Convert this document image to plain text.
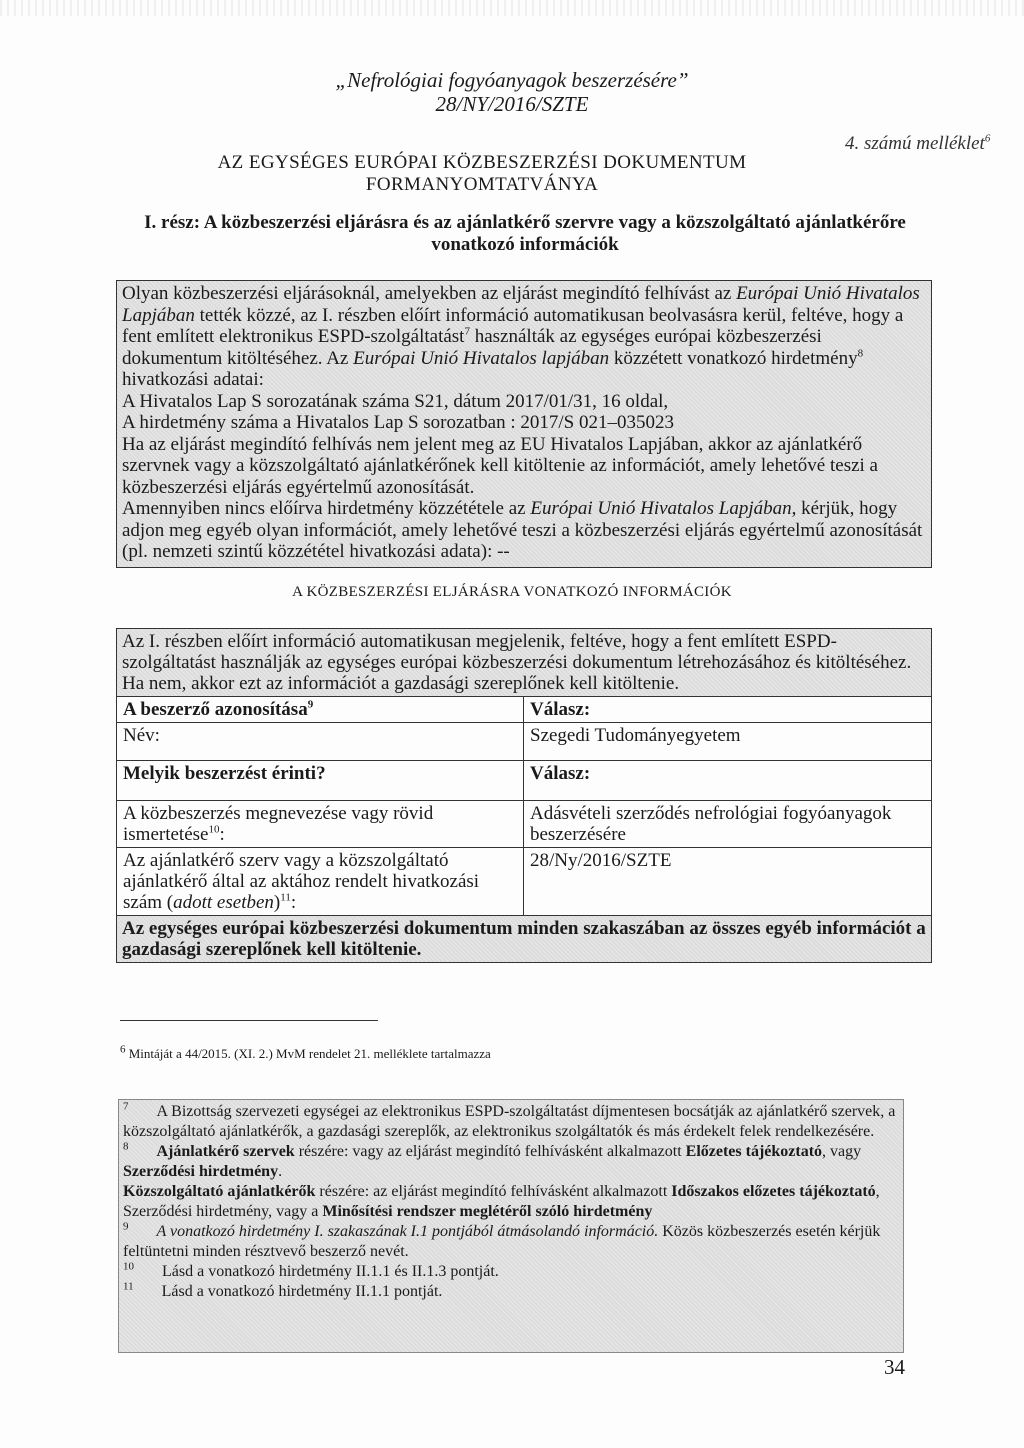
„Nefrológiai fogyóanyagok beszerzésére”
28/NY/2016/SZTE
4. számú melléklet$^6$
AZ EGYSÉGES EURÓPAI KÖZBESZERZÉSI DOKUMENTUM
FORMANYOMTATVÁNYA
I. rész: A közbeszerzési eljárásra és az ajánlatkérő szervre vagy a közszolgáltató ajánlatkérőre
vonatkozó információk

Olyan közbeszerzési eljárásoknál, amelyekben az eljárást megindító felhívást az Európai Unió Hivatalos Lapjában tették közzé, az I. részben előírt információ automatikusan beolvasásra kerül, feltéve, hogy a fent említett elektronikus ESPD-szolgáltatást$^7$ használták az egységes európai közbeszerzési dokumentum kitöltéséhez. Az Európai Unió Hivatalos lapjában közzétett vonatkozó hirdetmény$^8$ hivatkozási adatai:

A Hivatalos Lap S sorozatának száma S21, dátum 2017/01/31, 16 oldal,

A hirdetmény száma a Hivatalos Lap S sorozatban : 2017/S 021–035023

Ha az eljárást megindító felhívás nem jelent meg az EU Hivatalos Lapjában, akkor az ajánlatkérő szervnek vagy a közszolgáltató ajánlatkérőnek kell kitöltenie az információt, amely lehetővé teszi a közbeszerzési eljárás egyértelmű azonosítását.

Amennyiben nincs előírva hirdetmény közzététele az Európai Unió Hivatalos Lapjában, kérjük, hogy adjon meg egyéb olyan információt, amely lehetővé teszi a közbeszerzési eljárás egyértelmű azonosítását (pl. nemzeti szintű közzététel hivatkozási adata): --

A KÖZBESZERZÉSI ELJÁRÁSRA VONATKOZÓ INFORMÁCIÓK
Az I. részben előírt információ automatikusan megjelenik, feltéve, hogy a fent említett ESPD-szolgáltatást használják az egységes európai közbeszerzési dokumentum létrehozásához és kitöltéséhez. Ha nem, akkor ezt az információt a gazdasági szereplőnek kell kitöltenie.	
A beszerző azonosítása$^9$	Válasz:
Név:	Szegedi Tudományegyetem
Melyik beszerzést érinti?	Válasz:
A közbeszerzés megnevezése vagy rövid ismertetése$^{10}$:	Adásvételi szerződés nefrológiai fogyóanyagok beszerzésére
Az ajánlatkérő szerv vagy a közszolgáltató ajánlatkérő által az aktához rendelt hivatkozási szám (adott esetben)$^{11}$:	28/Ny/2016/SZTE
Az egységes európai közbeszerzési dokumentum minden szakaszában az összes egyéb információt a gazdasági szereplőnek kell kitöltenie.	
$^6$ Mintáját a 44/2015. (XI. 2.) MvM rendelet 21. melléklete tartalmazza

$^7$ A Bizottság szervezeti egységei az elektronikus ESPD-szolgáltatást díjmentesen bocsátják az ajánlatkérő szervek, a közszolgáltató ajánlatkérők, a gazdasági szereplők, az elektronikus szolgáltatók és más érdekelt felek rendelkezésére.

$^8$ Ajánlatkérő szervek részére: vagy az eljárást megindító felhívásként alkalmazott Előzetes tájékoztató, vagy Szerződési hirdetmény.

Közszolgáltató ajánlatkérők részére: az eljárást megindító felhívásként alkalmazott Időszakos előzetes tájékoztató, Szerződési hirdetmény, vagy a Minősítési rendszer meglétéről szóló hirdetmény

$^9$ A vonatkozó hirdetmény I. szakaszának I.1 pontjából átmásolandó információ. Közös közbeszerzés esetén kérjük feltüntetni minden résztvevő beszerző nevét.

$^{10}$ Lásd a vonatkozó hirdetmény II.1.1 és II.1.3 pontját.

$^{11}$ Lásd a vonatkozó hirdetmény II.1.1 pontját.

34
